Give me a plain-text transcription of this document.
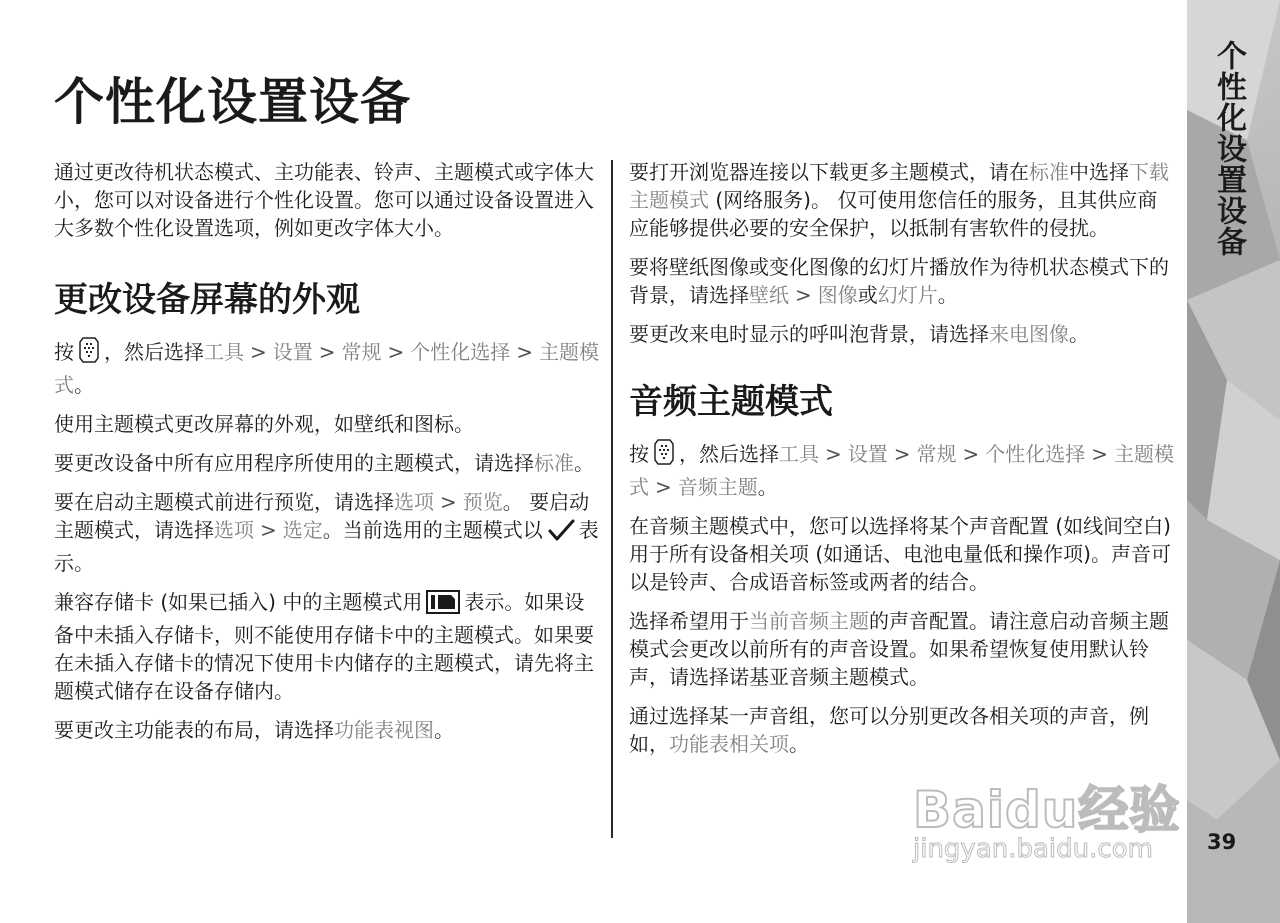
个性化设置设备

通过更改待机状态模式、主功能表、铃声、主题模式或字体大小，您可以对设备进行个性化设置。您可以通过设备设置进入大多数个性化设置选项，例如更改字体大小。

更改设备屏幕的外观

按 ，然后选择工具 > 设置 > 常规 > 个性化选择 > 主题模式。

使用主题模式更改屏幕的外观，如壁纸和图标。

要更改设备中所有应用程序所使用的主题模式，请选择标准。

要在启动主题模式前进行预览，请选择选项 > 预览。 要启动主题模式，请选择选项 > 选定。当前选用的主题模式以 表示。

兼容存储卡 (如果已插入) 中的主题模式用 表示。如果设备中未插入存储卡，则不能使用存储卡中的主题模式。如果要在未插入存储卡的情况下使用卡内储存的主题模式，请先将主题模式储存在设备存储内。

要更改主功能表的布局，请选择功能表视图。

要打开浏览器连接以下载更多主题模式，请在标准中选择下载主题模式 (网络服务)。 仅可使用您信任的服务，且其供应商应能够提供必要的安全保护，以抵制有害软件的侵扰。

要将壁纸图像或变化图像的幻灯片播放作为待机状态模式下的背景，请选择壁纸 > 图像或幻灯片。

要更改来电时显示的呼叫泡背景，请选择来电图像。

音频主题模式

按 ，然后选择工具 > 设置 > 常规 > 个性化选择 > 主题模式 > 音频主题。

在音频主题模式中，您可以选择将某个声音配置 (如线间空白) 用于所有设备相关项 (如通话、电池电量低和操作项)。声音可以是铃声、合成语音标签或两者的结合。

选择希望用于当前音频主题的声音配置。请注意启动音频主题模式会更改以前所有的声音设置。如果希望恢复使用默认铃声，请选择诺基亚音频主题模式。

通过选择某一声音组，您可以分别更改各相关项的声音，例如，功能表相关项。

个性化设置设备
39
Baidu经验
jingyan.baidu.com
